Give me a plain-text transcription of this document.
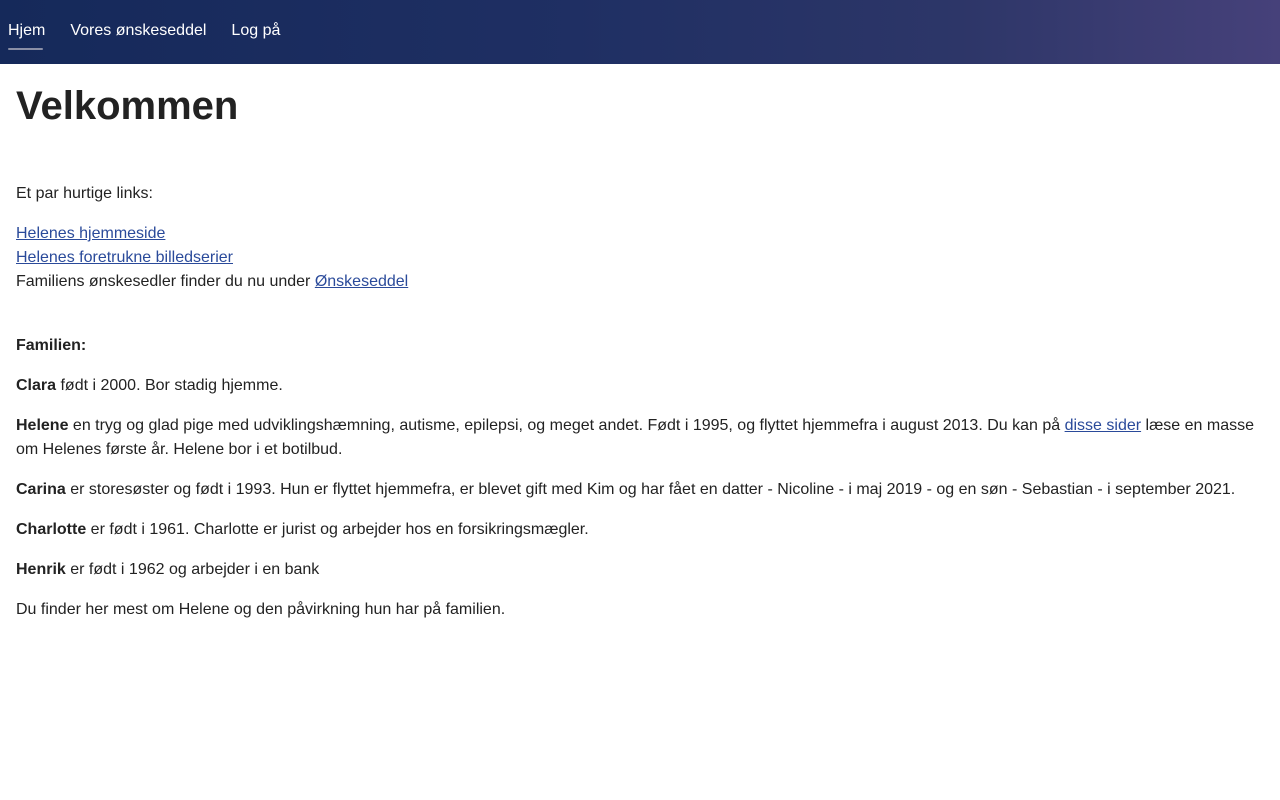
Hjem Vores ønskeseddel Log på
Velkommen

Et par hurtige links:

Helenes hjemmeside

Helenes foretrukne billedserier

Familiens ønskesedler finder du nu under Ønskeseddel

Familien:

Clara født i 2000. Bor stadig hjemme.

Helene en tryg og glad pige med udviklingshæmning, autisme, epilepsi, og meget andet. Født i 1995, og flyttet hjemmefra i august 2013. Du kan på disse sider læse en masse om Helenes første år. Helene bor i et botilbud.

Carina er storesøster og født i 1993. Hun er flyttet hjemmefra, er blevet gift med Kim og har fået en datter - Nicoline - i maj 2019 - og en søn - Sebastian - i september 2021.

Charlotte er født i 1961. Charlotte er jurist og arbejder hos en forsikringsmægler.

Henrik er født i 1962 og arbejder i en bank

Du finder her mest om Helene og den påvirkning hun har på familien.
